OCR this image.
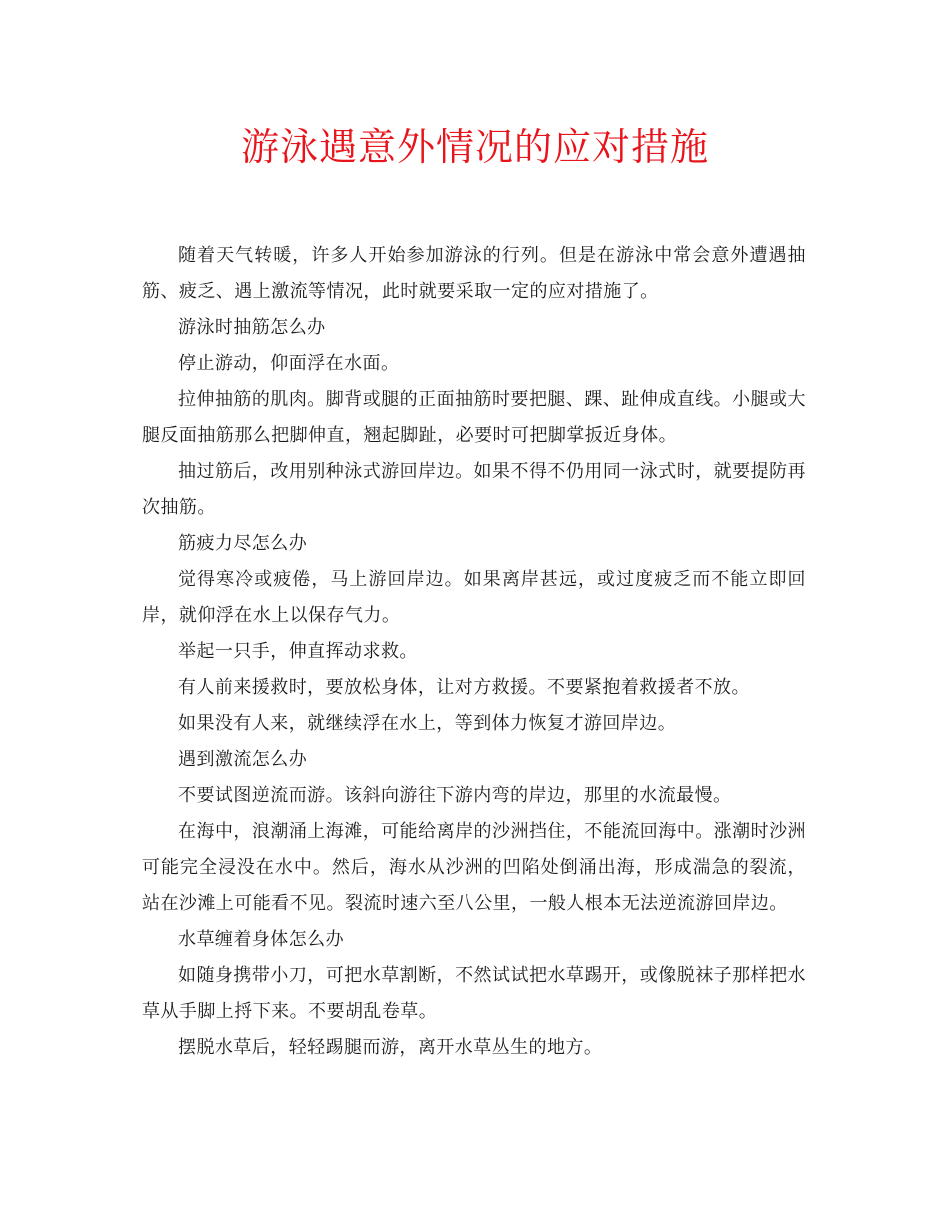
游泳遇意外情况的应对措施

随着天气转暖，许多人开始参加游泳的行列。但是在游泳中常会意外遭遇抽筋、疲乏、遇上激流等情况，此时就要采取一定的应对措施了。

游泳时抽筋怎么办

停止游动，仰面浮在水面。

拉伸抽筋的肌肉。脚背或腿的正面抽筋时要把腿、踝、趾伸成直线。小腿或大腿反面抽筋那么把脚伸直，翘起脚趾，必要时可把脚掌扳近身体。

抽过筋后，改用别种泳式游回岸边。如果不得不仍用同一泳式时，就要提防再次抽筋。

筋疲力尽怎么办

觉得寒冷或疲倦，马上游回岸边。如果离岸甚远，或过度疲乏而不能立即回岸，就仰浮在水上以保存气力。

举起一只手，伸直挥动求救。

有人前来援救时，要放松身体，让对方救援。不要紧抱着救援者不放。

如果没有人来，就继续浮在水上，等到体力恢复才游回岸边。

遇到激流怎么办

不要试图逆流而游。该斜向游往下游内弯的岸边，那里的水流最慢。

在海中，浪潮涌上海滩，可能给离岸的沙洲挡住，不能流回海中。涨潮时沙洲可能完全浸没在水中。然后，海水从沙洲的凹陷处倒涌出海，形成湍急的裂流，站在沙滩上可能看不见。裂流时速六至八公里，一般人根本无法逆流游回岸边。

水草缠着身体怎么办

如随身携带小刀，可把水草割断，不然试试把水草踢开，或像脱袜子那样把水草从手脚上捋下来。不要胡乱卷草。

摆脱水草后，轻轻踢腿而游，离开水草丛生的地方。
